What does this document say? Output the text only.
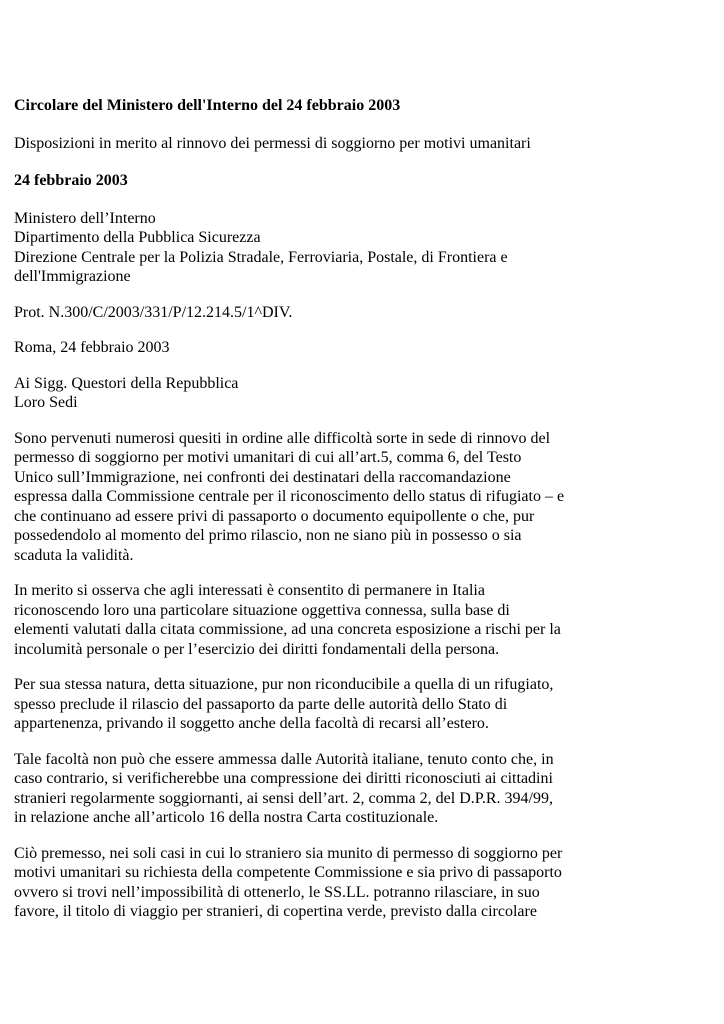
Circolare del Ministero dell'Interno del 24 febbraio 2003

Disposizioni in merito al rinnovo dei permessi di soggiorno per motivi umanitari

24 febbraio 2003

Ministero dell’Interno
Dipartimento della Pubblica Sicurezza
Direzione Centrale per la Polizia Stradale, Ferroviaria, Postale, di Frontiera e
dell'Immigrazione

Prot. N.300/C/2003/331/P/12.214.5/1^DIV.

Roma, 24 febbraio 2003

Ai Sigg. Questori della Repubblica
Loro Sedi

Sono pervenuti numerosi quesiti in ordine alle difficoltà sorte in sede di rinnovo del
permesso di soggiorno per motivi umanitari di cui all’art.5, comma 6, del Testo
Unico sull’Immigrazione, nei confronti dei destinatari della raccomandazione
espressa dalla Commissione centrale per il riconoscimento dello status di rifugiato – e
che continuano ad essere privi di passaporto o documento equipollente o che, pur
possedendolo al momento del primo rilascio, non ne siano più in possesso o sia
scaduta la validità.

In merito si osserva che agli interessati è consentito di permanere in Italia
riconoscendo loro una particolare situazione oggettiva connessa, sulla base di
elementi valutati dalla citata commissione, ad una concreta esposizione a rischi per la
incolumità personale o per l’esercizio dei diritti fondamentali della persona.

Per sua stessa natura, detta situazione, pur non riconducibile a quella di un rifugiato,
spesso preclude il rilascio del passaporto da parte delle autorità dello Stato di
appartenenza, privando il soggetto anche della facoltà di recarsi all’estero.

Tale facoltà non può che essere ammessa dalle Autorità italiane, tenuto conto che, in
caso contrario, si verificherebbe una compressione dei diritti riconosciuti ai cittadini
stranieri regolarmente soggiornanti, ai sensi dell’art. 2, comma 2, del D.P.R. 394/99,
in relazione anche all’articolo 16 della nostra Carta costituzionale.

Ciò premesso, nei soli casi in cui lo straniero sia munito di permesso di soggiorno per
motivi umanitari su richiesta della competente Commissione e sia privo di passaporto
ovvero si trovi nell’impossibilità di ottenerlo, le SS.LL. potranno rilasciare, in suo
favore, il titolo di viaggio per stranieri, di copertina verde, previsto dalla circolare
